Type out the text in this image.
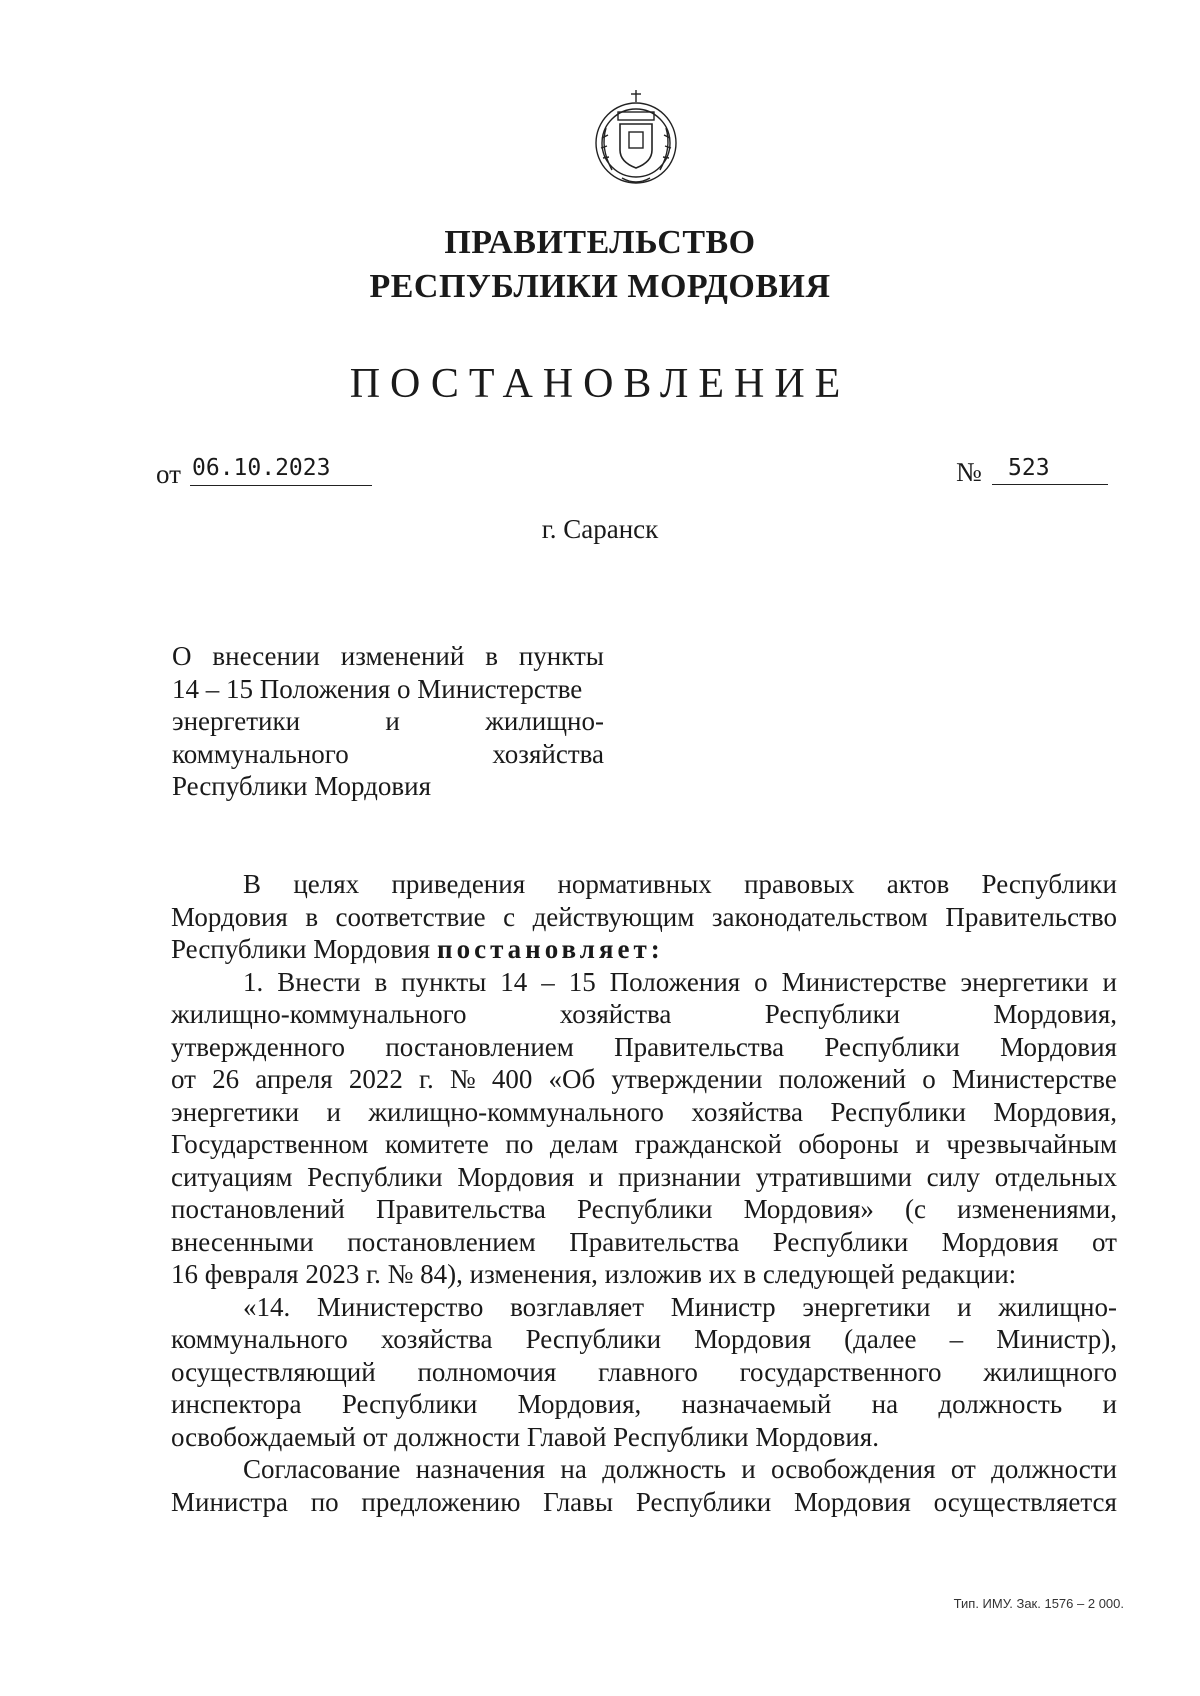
ПРАВИТЕЛЬСТВО
РЕСПУБЛИКИ МОРДОВИЯ
ПОСТАНОВЛЕНИЕ
от 06.10.2023	№	523
г. Саранск
О внесении изменений в пункты
14 – 15 Положения о Министерстве
энергетики	и	жилищно-
коммунального	хозяйства
Республики Мордовия
В целях приведения нормативных правовых актов Республики
Мордовия в соответствие с действующим законодательством Правительство
Республики Мордовия постановляет:
1. Внести в пункты 14 – 15 Положения о Министерстве энергетики и
жилищно-коммунального	хозяйства	Республики	Мордовия,
утвержденного постановлением Правительства Республики Мордовия
от 26 апреля 2022 г. № 400 «Об утверждении положений о Министерстве
энергетики и жилищно-коммунального хозяйства Республики Мордовия,
Государственном комитете по делам гражданской обороны и чрезвычайным
ситуациям Республики Мордовия и признании утратившими силу отдельных
постановлений Правительства Республики Мордовия» (с изменениями,
внесенными постановлением Правительства Республики Мордовия от
16 февраля 2023 г. № 84), изменения, изложив их в следующей редакции:
«14. Министерство возглавляет Министр энергетики и жилищно-
коммунального хозяйства Республики Мордовия (далее – Министр),
осуществляющий полномочия главного государственного жилищного
инспектора Республики Мордовия, назначаемый на должность и
освобождаемый от должности Главой Республики Мордовия.
Согласование назначения на должность и освобождения от должности
Министра по предложению Главы Республики Мордовия осуществляется
Тип. ИМУ. Зак. 1576 – 2 000.
